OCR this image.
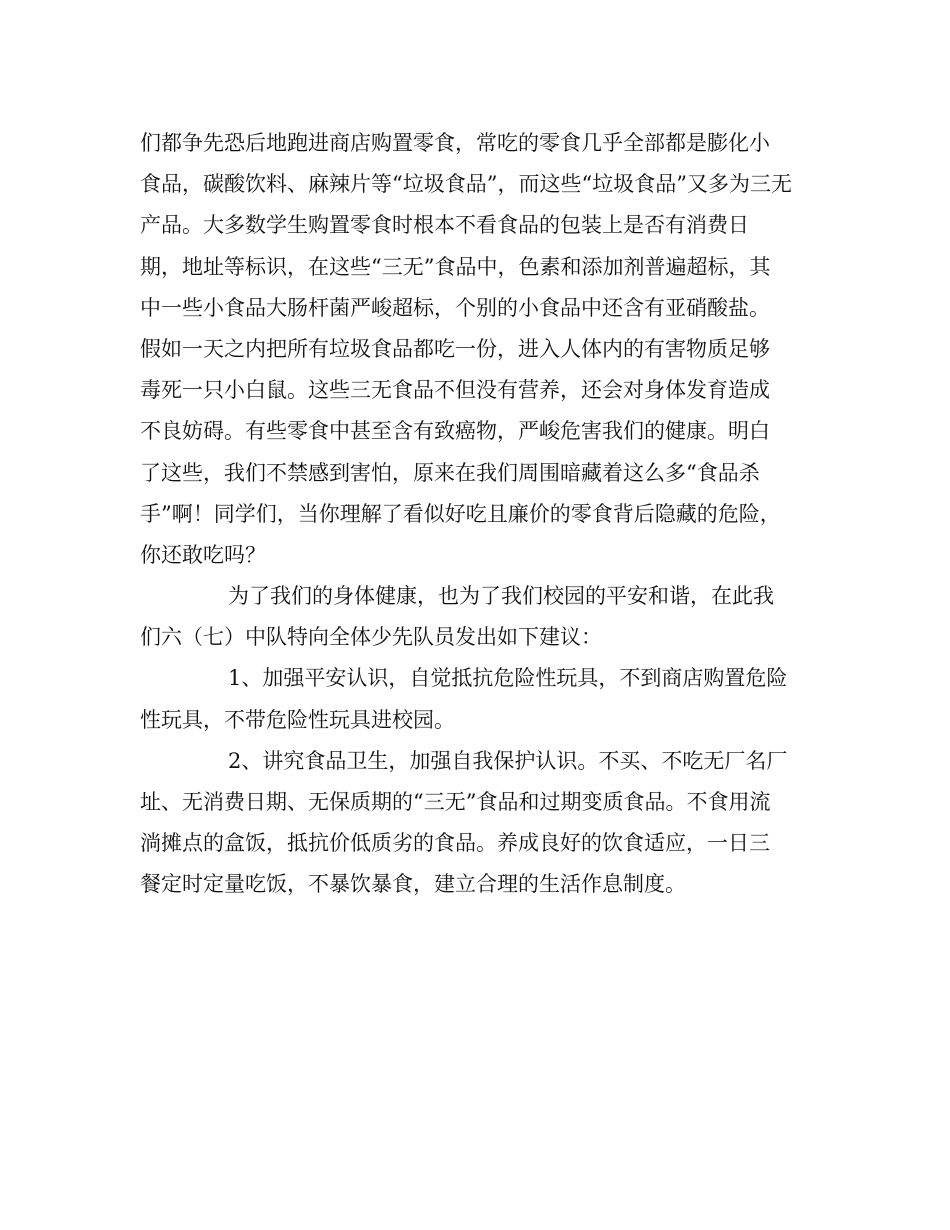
们都争先恐后地跑进商店购置零食，常吃的零食几乎全部都是膨化小
食品，碳酸饮料、麻辣片等“垃圾食品”，而这些“垃圾食品”又多为三无
产品。大多数学生购置零食时根本不看食品的包装上是否有消费日
期，地址等标识，在这些“三无”食品中，色素和添加剂普遍超标，其
中一些小食品大肠杆菌严峻超标，个别的小食品中还含有亚硝酸盐。
假如一天之内把所有垃圾食品都吃一份，进入人体内的有害物质足够
毒死一只小白鼠。这些三无食品不但没有营养，还会对身体发育造成
不良妨碍。有些零食中甚至含有致癌物，严峻危害我们的健康。明白
了这些，我们不禁感到害怕，原来在我们周围暗藏着这么多“食品杀
手”啊！同学们，当你理解了看似好吃且廉价的零食背后隐藏的危险，
你还敢吃吗？
为了我们的身体健康，也为了我们校园的平安和谐，在此我
们六（七）中队特向全体少先队员发出如下建议：
1、加强平安认识，自觉抵抗危险性玩具，不到商店购置危险
性玩具，不带危险性玩具进校园。
2、讲究食品卫生，加强自我保护认识。不买、不吃无厂名厂
址、无消费日期、无保质期的“三无”食品和过期变质食品。不食用流
淌摊点的盒饭，抵抗价低质劣的食品。养成良好的饮食适应，一日三
餐定时定量吃饭，不暴饮暴食，建立合理的生活作息制度。
